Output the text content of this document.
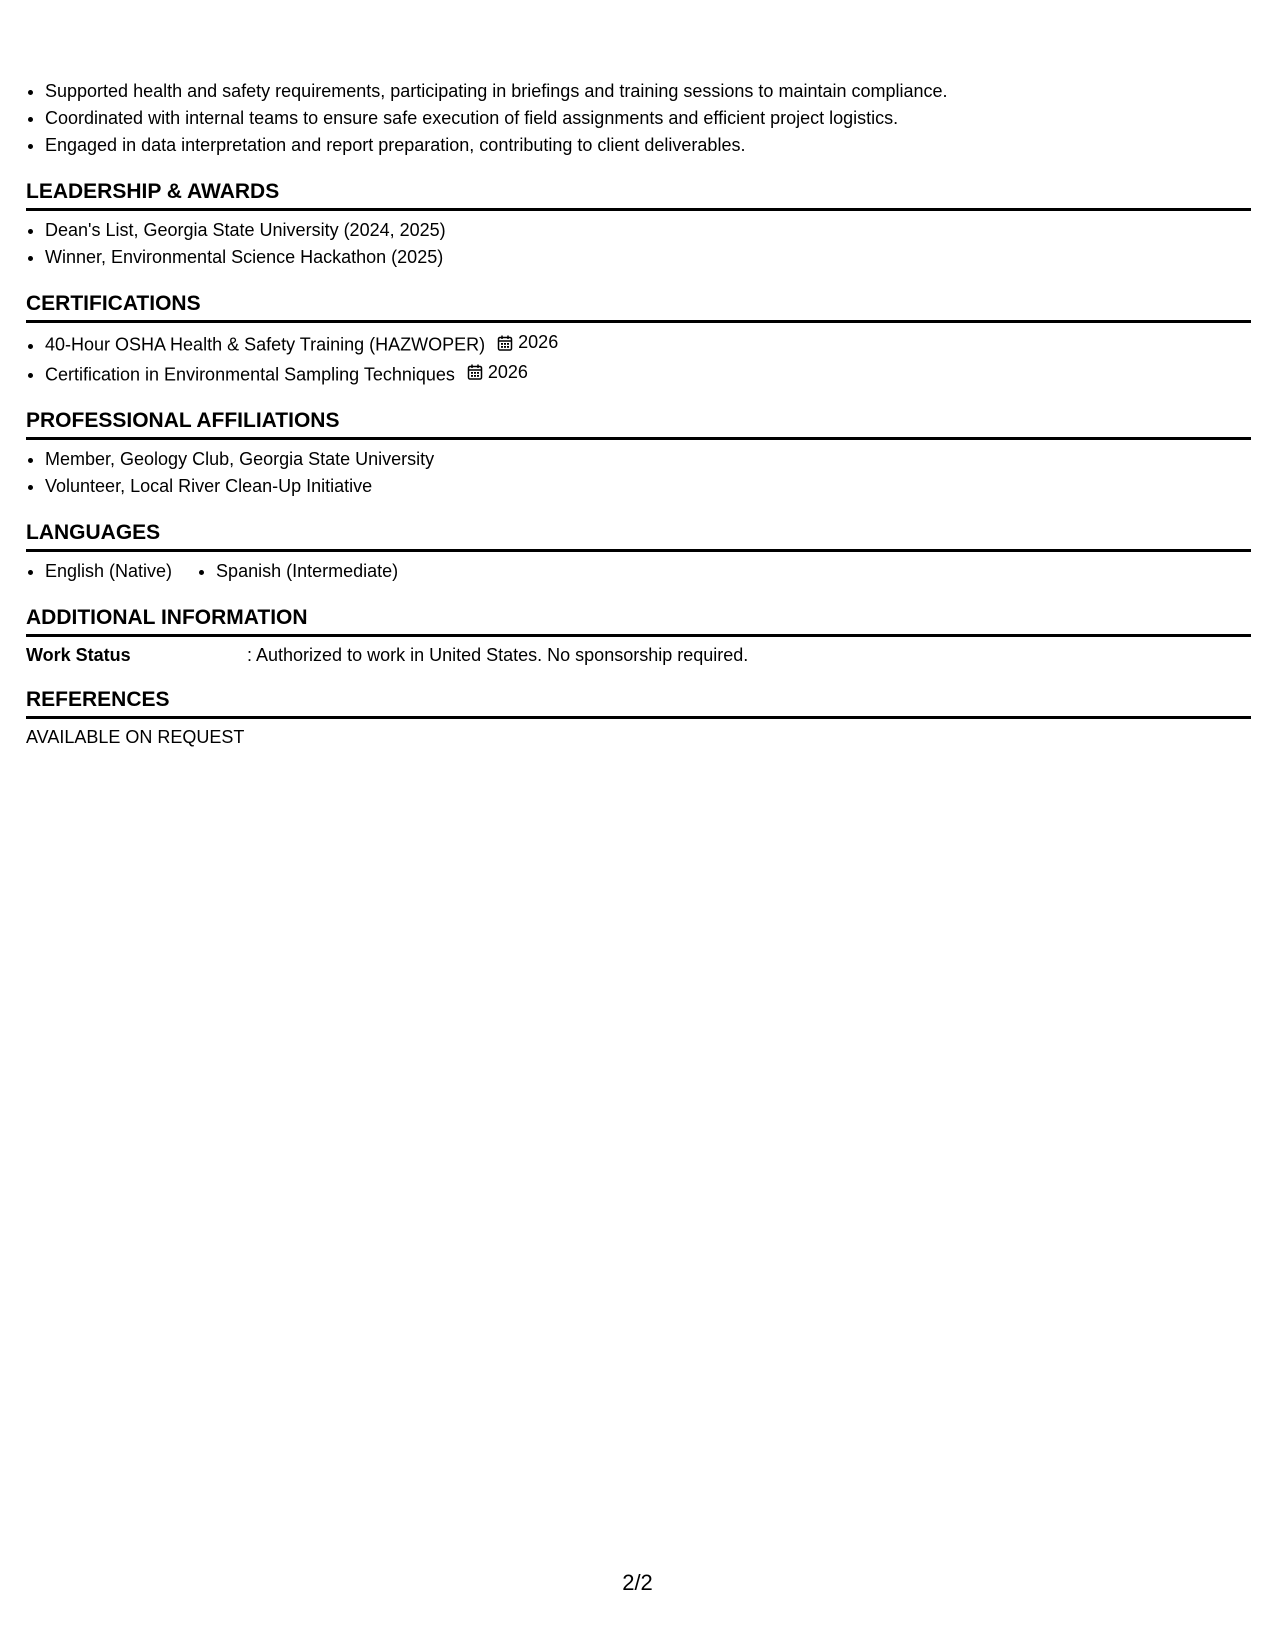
• Supported health and safety requirements, participating in briefings and training sessions to maintain compliance.
• Coordinated with internal teams to ensure safe execution of field assignments and efficient project logistics.
• Engaged in data interpretation and report preparation, contributing to client deliverables.
LEADERSHIP & AWARDS
• Dean's List, Georgia State University (2024, 2025)
• Winner, Environmental Science Hackathon (2025)
CERTIFICATIONS
• 40-Hour OSHA Health & Safety Training (HAZWOPER) 2026
• Certification in Environmental Sampling Techniques 2026
PROFESSIONAL AFFILIATIONS
• Member, Geology Club, Georgia State University
• Volunteer, Local River Clean-Up Initiative
LANGUAGES
• English (Native)
• Spanish (Intermediate)
ADDITIONAL INFORMATION
Work Status	: Authorized to work in United States. No sponsorship required.
REFERENCES
AVAILABLE ON REQUEST
2/2
